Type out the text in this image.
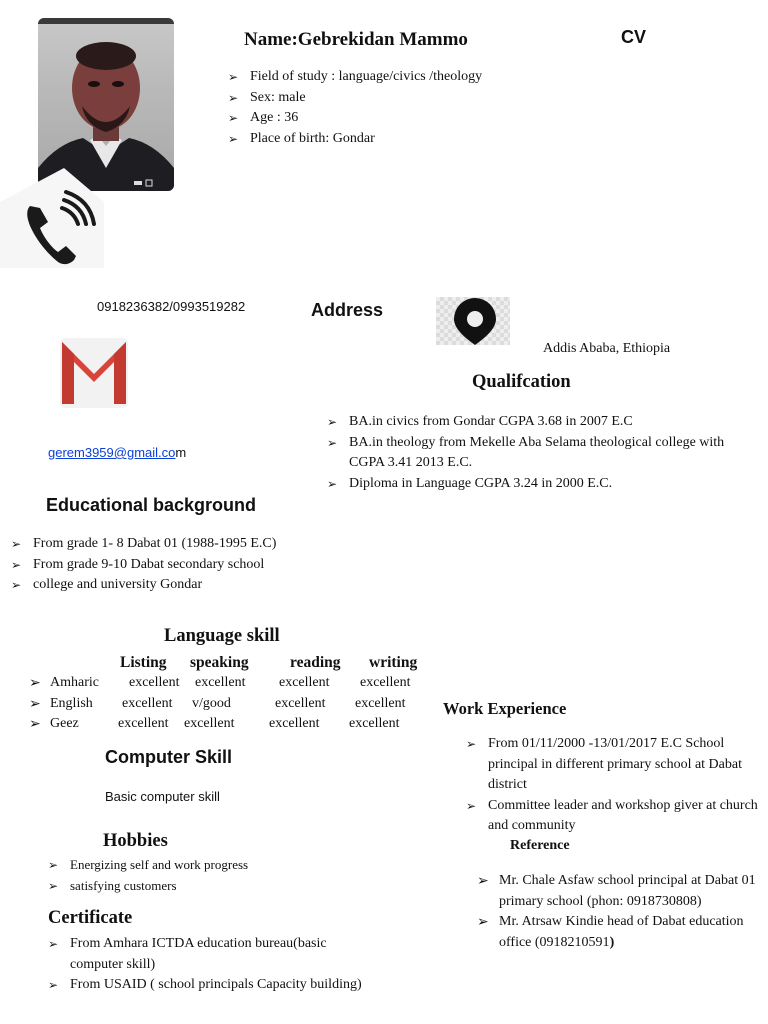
Name:Gebrekidan Mammo	CV
➢ Field of study : language/civics /theology
➢ Sex: male
➢ Age : 36
➢ Place of birth: Gondar
0918236382/0993519282	Address
Addis Ababa, Ethiopia
gerem3959@gmail.com
Qualifcation
➢ BA.in civics from Gondar CGPA 3.68 in 2007 E.C
➢ BA.in theology from Mekelle Aba Selama theological college with CGPA 3.41 2013 E.C.
➢ Diploma in Language CGPA 3.24 in 2000 E.C.
Educational background
➢ From grade 1- 8 Dabat 01 (1988-1995 E.C)
➢ From grade 9-10 Dabat secondary school
➢ college and university Gondar
Language skill
Listing	speaking	reading	writing
➢ Amharic excellent excellent excellent excellent
➢ English excellent v/good	excellent excellent
➢ Geez	excellent excellent excellent excellent
Computer Skill
Basic computer skill
Hobbies
➢ Energizing self and work progress
➢ satisfying customers
Certificate
➢ From Amhara ICTDA education bureau(basic computer skill)
➢ From USAID ( school principals Capacity building)
Work Experience
➢ From 01/11/2000 -13/01/2017 E.C School principal in different primary school at Dabat district
➢ Committee leader and workshop giver at church and community
Reference
➢ Mr. Chale Asfaw school principal at Dabat 01 primary school (phon: 0918730808)
➢ Mr. Atrsaw Kindie head of Dabat education office (0918210591)
